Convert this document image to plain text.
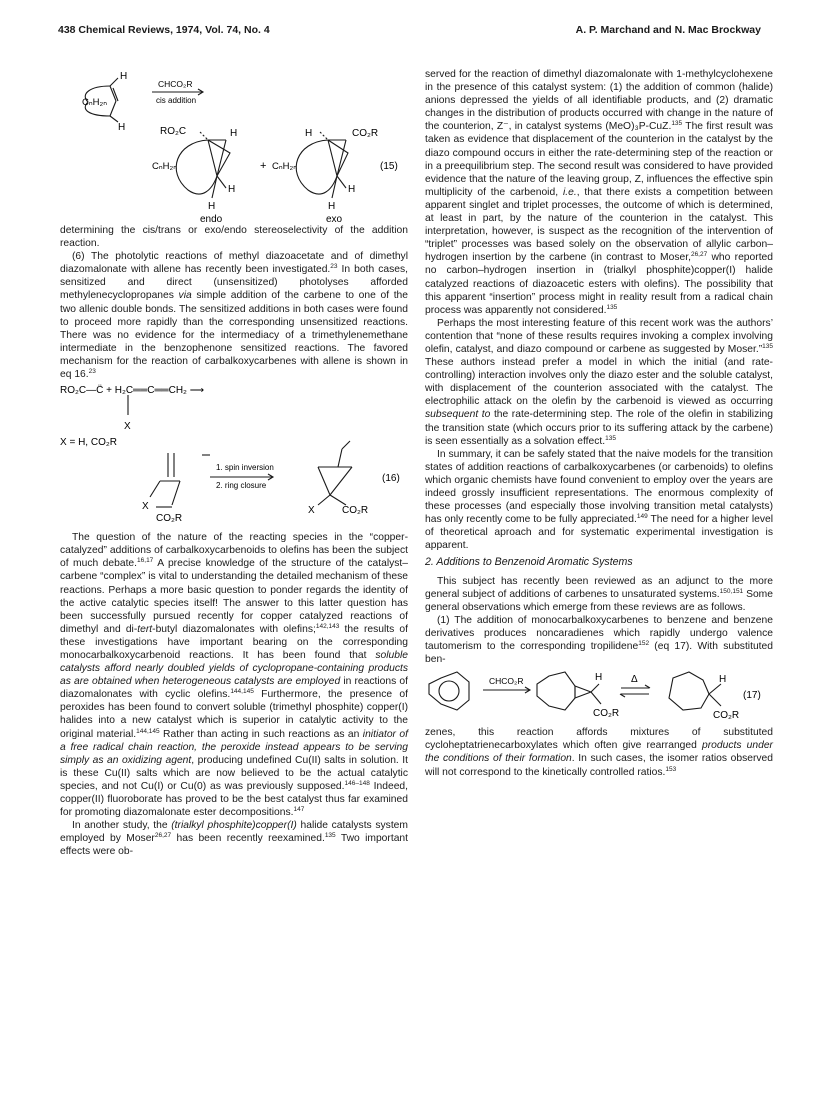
438 Chemical Reviews, 1974, Vol. 74, No. 4	A. P. Marchand and N. Mac Brockway
H
CₙH₂ₙ
H
CHCO₂R
cis addition
RO₂C	H
CₙH₂ₙ
H
H
+
H	CO₂R
CₙH₂ₙ
H
H
(15)
endo	exo

determining the cis/trans or exo/endo stereoselectivity of the addition reaction.

(6) The photolytic reactions of methyl diazoacetate and of dimethyl diazomalonate with allene has recently been investigated.$^{23}$ In both cases, sensitized and direct (unsensitized) photolyses afforded methylenecyclopropanes via simple addition of the carbene to one of the two allenic double bonds. The sensitized additions in both cases were found to proceed more rapidly than the corresponding unsensitized reactions. There was no evidence for the intermediacy of a trimethylenemethane intermediate in the benzophenone sensitized reactions. The favored mechanism for the reaction of carbalkoxycarbenes with allene is shown in eq 16.23

RO₂C—C̈ + H₂C══C══CH₂ ⟶
X
X = H, CO₂R
1. spin inversion
2. ring closure
X
CO₂R
X	CO₂R
(16)

The question of the nature of the reacting species in the “copper-catalyzed” additions of carbalkoxycarbenoids to olefins has been the subject of much debate.$^{16,17}$ A precise knowledge of the structure of the catalyst–carbene “complex” is vital to understanding the detailed mechanism of these reactions. Perhaps a more basic question to ponder regards the identity of the active catalytic species itself! The answer to this latter question has been successfully pursued recently for copper catalyzed reactions of dimethyl and di-tert-butyl diazomalonates with olefins;$^{142,143}$ the results of these investigations have important bearing on the corresponding monocarbalkoxycarbenoid reactions. It has been found that soluble catalysts afford nearly doubled yields of cyclopropane-containing products as are obtained when heterogeneous catalysts are employed in reactions of diazomalonates with cyclic olefins.$^{144,145}$ Furthermore, the presence of peroxides has been found to convert soluble (trimethyl phosphite) copper(I) halides into a new catalyst which is superior in catalytic activity to the original material.$^{144,145}$ Rather than acting in such reactions as an initiator of a free radical chain reaction, the peroxide instead appears to be serving simply as an oxidizing agent, producing undefined Cu(II) salts in solution. It is these Cu(II) salts which are now believed to be the actual catalytic species, and not Cu(I) or Cu(0) as was previously supposed.$^{146-148}$ Indeed, copper(II) fluoroborate has proved to be the best catalyst thus far examined for promoting diazomalonate ester decompositions.$^{147}$

In another study, the (trialkyl phosphite)copper(I) halide catalysts system employed by Moser$^{26,27}$ has been recently reexamined.$^{135}$ Two important effects were ob-

served for the reaction of dimethyl diazomalonate with 1-methylcyclohexene in the presence of this catalyst system: (1) the addition of common (halide) anions depressed the yields of all identifiable products, and (2) dramatic changes in the distribution of products occurred with change in the nature of the counterion, Z⁻, in catalyst systems (MeO)₃P-CuZ.$^{135}$ The first result was taken as evidence that displacement of the counterion in the catalyst by the diazo compound occurs in either the rate-determining step of the reaction or in a preequilibrium step. The second result was considered to have provided evidence that the nature of the leaving group, Z, influences the effective spin multiplicity of the carbenoid, i.e., that there exists a competition between apparent singlet and triplet processes, the outcome of which is determined, at least in part, by the nature of the counterion in the catalyst. This interpretation, however, is suspect as the recognition of the intervention of “triplet” processes was based solely on the observation of allylic carbon–hydrogen insertion by the carbene (in contrast to Moser,$^{26,27}$ who reported no carbon–hydrogen insertion in (trialkyl phosphite)copper(I) halide catalyzed reactions of diazoacetic esters with olefins). The possibility that this apparent “insertion” process might in reality result from a radical chain process was apparently not considered.$^{135}$

Perhaps the most interesting feature of this recent work was the authors’ contention that “none of these results requires invoking a complex involving olefin, catalyst, and diazo compound or carbene as suggested by Moser.”$^{135}$ These authors instead prefer a model in which the initial (and rate-controlling) interaction involves only the diazo ester and the soluble catalyst, with displacement of the counterion associated with the catalyst. The electrophilic attack on the olefin by the carbenoid is viewed as occurring subsequent to the rate-determining step. The role of the olefin in stabilizing the transition state (which occurs prior to its suffering attack by the carbene) is seen essentially as a solvation effect.$^{135}$

In summary, it can be safely stated that the naive models for the transition states of addition reactions of carbalkoxycarbenes (or carbenoids) to olefins which organic chemists have found convenient to employ over the years are indeed grossly insufficient representations. The enormous complexity of these processes (and especially those involving transition metal catalysts) has only recently come to be fully appreciated.$^{149}$ The need for a higher level of theoretical aproach and for systematic experimental investigation is apparent.

2. Additions to Benzenoid Aromatic Systems

This subject has recently been reviewed as an adjunct to the more general subject of additions of carbenes to unsaturated systems.$^{150,151}$ Some general observations which emerge from these reviews are as follows.

(1) The addition of monocarbalkoxycarbenes to benzene and benzene derivatives produces noncaradienes which rapidly undergo valence tautomerism to the corresponding tropilidene$^{152}$ (eq 17). With substituted ben-

CHCO₂R	H
CO₂R
Δ	H
CO₂R
(17)

zenes, this reaction affords mixtures of substituted cycloheptatrienecarboxylates which often give rearranged products under the conditions of their formation. In such cases, the isomer ratios observed will not correspond to the kinetically controlled ratios.$^{153}$
